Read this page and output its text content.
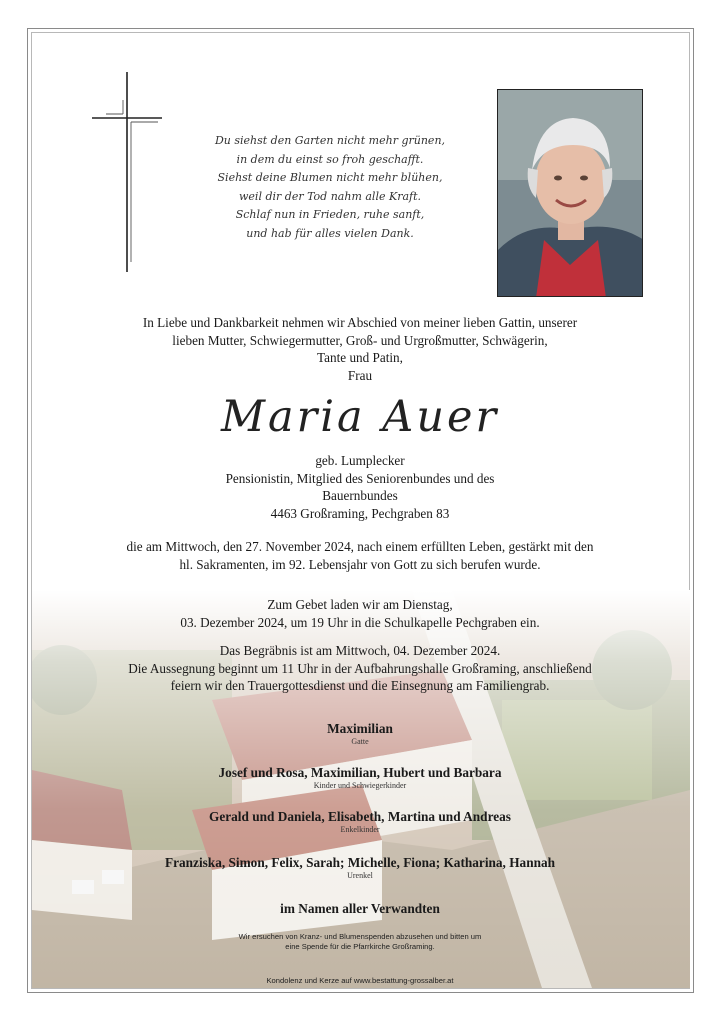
Du siehst den Garten nicht mehr grünen,
in dem du einst so froh geschafft.
Siehst deine Blumen nicht mehr blühen,
weil dir der Tod nahm alle Kraft.
Schlaf nun in Frieden, ruhe sanft,
und hab für alles vielen Dank.
In Liebe und Dankbarkeit nehmen wir Abschied von meiner lieben Gattin, unserer
lieben Mutter, Schwiegermutter, Groß- und Urgroßmutter, Schwägerin,
Tante und Patin,
Frau
Maria Auer
geb. Lumplecker
Pensionistin, Mitglied des Seniorenbundes und des
Bauernbundes
4463 Großraming, Pechgraben 83
die am Mittwoch, den 27. November 2024, nach einem erfüllten Leben, gestärkt mit den
hl. Sakramenten, im 92. Lebensjahr von Gott zu sich berufen wurde.
Zum Gebet laden wir am Dienstag,
03. Dezember 2024, um 19 Uhr in die Schulkapelle Pechgraben ein.
Das Begräbnis ist am Mittwoch, 04. Dezember 2024.
Die Aussegnung beginnt um 11 Uhr in der Aufbahrungshalle Großraming, anschließend
feiern wir den Trauergottesdienst und die Einsegnung am Familiengrab.
Maximilian
Gatte
Josef und Rosa, Maximilian, Hubert und Barbara
Kinder und Schwiegerkinder
Gerald und Daniela, Elisabeth, Martina und Andreas
Enkelkinder
Franziska, Simon, Felix, Sarah; Michelle, Fiona; Katharina, Hannah
Urenkel
im Namen aller Verwandten
Wir ersuchen von Kranz- und Blumenspenden abzusehen und bitten um
eine Spende für die Pfarrkirche Großraming.
Kondolenz und Kerze auf www.bestattung-grossalber.at
